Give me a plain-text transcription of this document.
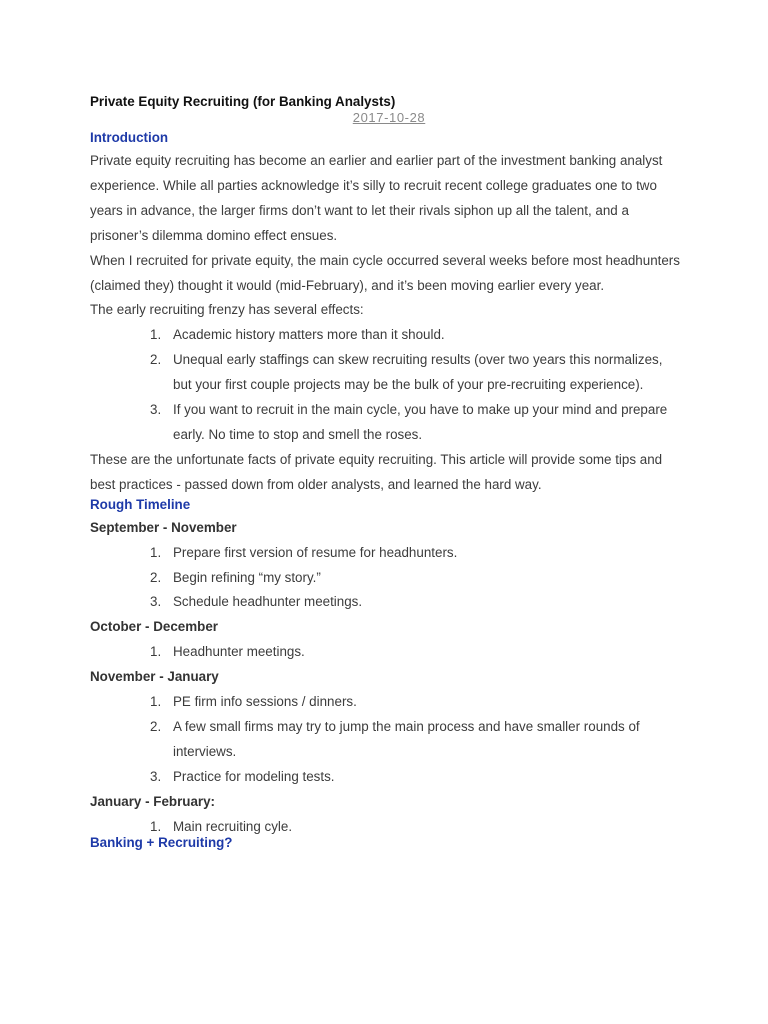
Private Equity Recruiting (for Banking Analysts)
2017-10-28
Introduction

Private equity recruiting has become an earlier and earlier part of the investment banking analyst experience. While all parties acknowledge it’s silly to recruit recent college graduates one to two years in advance, the larger firms don’t want to let their rivals siphon up all the talent, and a prisoner’s dilemma domino effect ensues.

When I recruited for private equity, the main cycle occurred several weeks before most headhunters (claimed they) thought it would (mid-February), and it’s been moving earlier every year.

The early recruiting frenzy has several effects:

1. Academic history matters more than it should.
2. Unequal early staffings can skew recruiting results (over two years this normalizes, but your first couple projects may be the bulk of your pre-recruiting experience).
3. If you want to recruit in the main cycle, you have to make up your mind and prepare early. No time to stop and smell the roses.

These are the unfortunate facts of private equity recruiting. This article will provide some tips and best practices - passed down from older analysts, and learned the hard way.

Rough Timeline

September - November

1. Prepare first version of resume for headhunters.
2. Begin refining “my story.”
3. Schedule headhunter meetings.

October - December

1. Headhunter meetings.

November - January

1. PE firm info sessions / dinners.
2. A few small firms may try to jump the main process and have smaller rounds of interviews.
3. Practice for modeling tests.

January - February:

1. Main recruiting cyle.
Banking + Recruiting?
